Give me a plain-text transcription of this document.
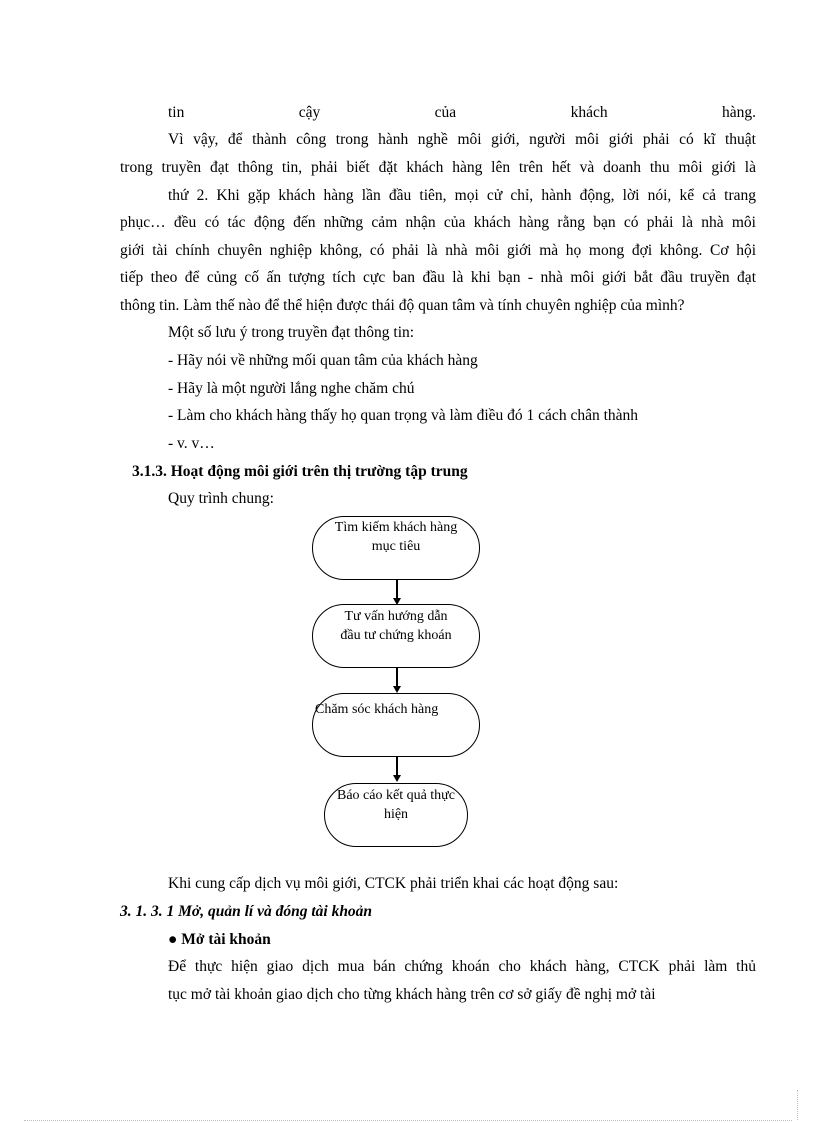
tin	cậy	của	khách	hàng.
Vì vậy, để thành công trong hành nghề môi giới, người môi giới phải có kĩ thuật
trong truyền đạt thông tin, phải biết đặt khách hàng lên trên hết và doanh thu môi giới là
thứ 2. Khi gặp khách hàng lần đầu tiên, mọi cử chỉ, hành động, lời nói, kể cả trang
phục… đều có tác động đến những cảm nhận của khách hàng rằng bạn có phải là nhà môi
giới tài chính chuyên nghiệp không, có phải là nhà môi giới mà họ mong đợi không. Cơ hội
tiếp theo để củng cố ấn tượng tích cực ban đầu là khi bạn - nhà môi giới bắt đầu truyền đạt
thông tin. Làm thế nào để thể hiện được thái độ quan tâm và tính chuyên nghiệp của mình?
Một số lưu ý trong truyền đạt thông tin:
- Hãy nói về những mối quan tâm của khách hàng
- Hãy là một người lắng nghe chăm chú
- Làm cho khách hàng thấy họ quan trọng và làm điều đó 1 cách chân thành
- v. v…
3.1.3. Hoạt động môi giới trên thị trường tập trung
Quy trình chung:
Tìm kiếm khách hàng
mục tiêu
Tư vấn hướng dẫn
đầu tư chứng khoán
Chăm sóc khách hàng
Báo cáo kết quả thực
hiện
Khi cung cấp dịch vụ môi giới, CTCK phải triển khai các hoạt động sau:
3. 1. 3. 1 Mở, quản lí và đóng tài khoản
● Mở tài khoản
Để thực hiện giao dịch mua bán chứng khoán cho khách hàng, CTCK phải làm thủ
tục mở tài khoản giao dịch cho từng khách hàng trên cơ sở giấy đề nghị mở tài
